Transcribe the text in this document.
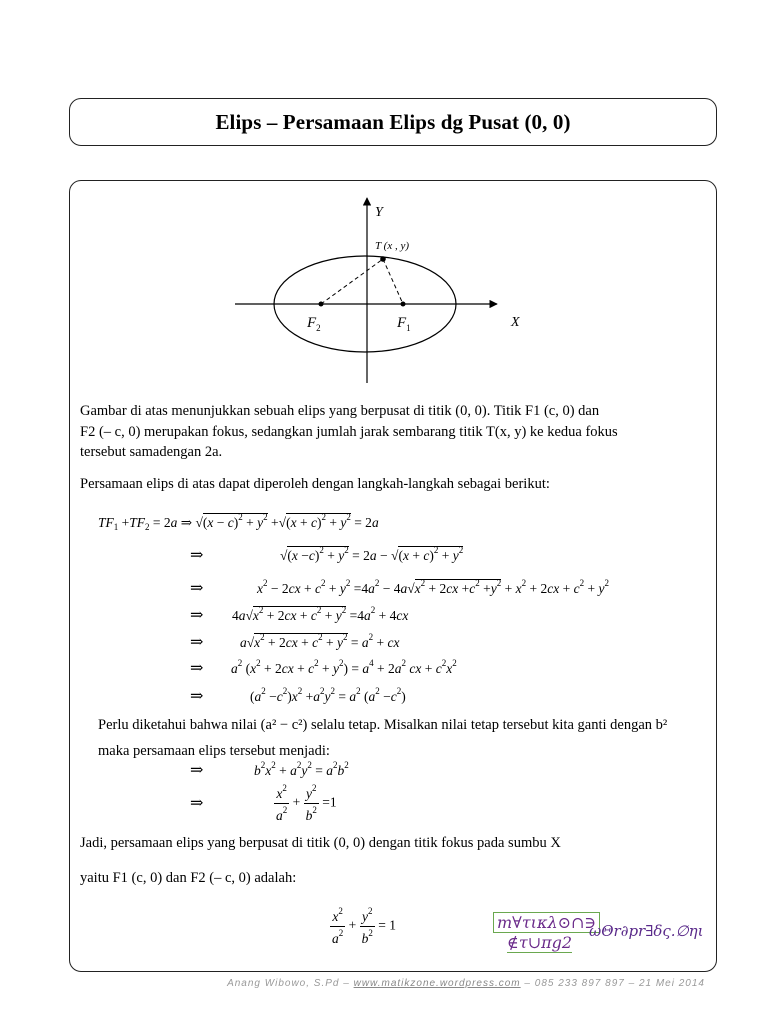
Elips – Persamaan Elips dg Pusat (0, 0)
Y
X
T (x , y)
$F_2$	$F_1$

Gambar di atas menunjukkan sebuah elips yang berpusat di titik (0, 0). Titik F1 (c, 0) dan
F2 (– c, 0) merupakan fokus, sedangkan jumlah jarak sembarang titik T(x, y) ke kedua fokus
tersebut samadengan 2a.

Persamaan elips di atas dapat diperoleh dengan langkah-langkah sebagai berikut:

$TF_1 +TF_2 = 2a$ ⇒ $√(x - c)^2 + y^2 +√(x + c)^2 + y^2 = 2a$
⇒	$√(x -c)^2 + y^2 = 2a - √(x + c)^2 + y^2$
⇒	$x^2 - 2cx + c^2 + y^2 =4a^2 - 4a√x^2 + 2cx +c^2 +y^2 + x^2 + 2cx + c^2 + y^2$
⇒ $4a√x^2 + 2cx + c^2 + y^2 =4a^2 + 4cx$
⇒	$a√x^2 + 2cx + c^2 + y^2 = a^2$ + cx
⇒ $a^2$ $(x^2 + 2cx + c^2 + y^2) = a^4 + 2a^2$ cx + $c^2x^2$
⇒	$(a^2 -c^2)x^2 +a^2y^2 = a^2$ $(a^2 -c^2)$

Perlu diketahui bahwa nilai (a² − c²) selalu tetap. Misalkan nilai tetap tersebut kita ganti dengan b²
maka persamaan elips tersebut menjadi:

⇒	$b^2x^2 + a^2y^2 = a^2b^2$
⇒	$\frac{x^2}{a^2} + \frac{y^2}{b^2} =1$

Jadi, persamaan elips yang berpusat di titik (0, 0) dengan titik fokus pada sumbu X

yaitu F1 (c, 0) dan F2 (– c, 0) adalah:

$\frac{x^2}{a^2} + \frac{y^2}{b^2} = 1$	m∀τικλ⊙∩∋
∉τ∪πg2
ωΘr∂pr∃δς.∅ηι
Anang Wibowo, S.Pd – www.matikzone.wordpress.com – 085 233 897 897 – 21 Mei 2014
